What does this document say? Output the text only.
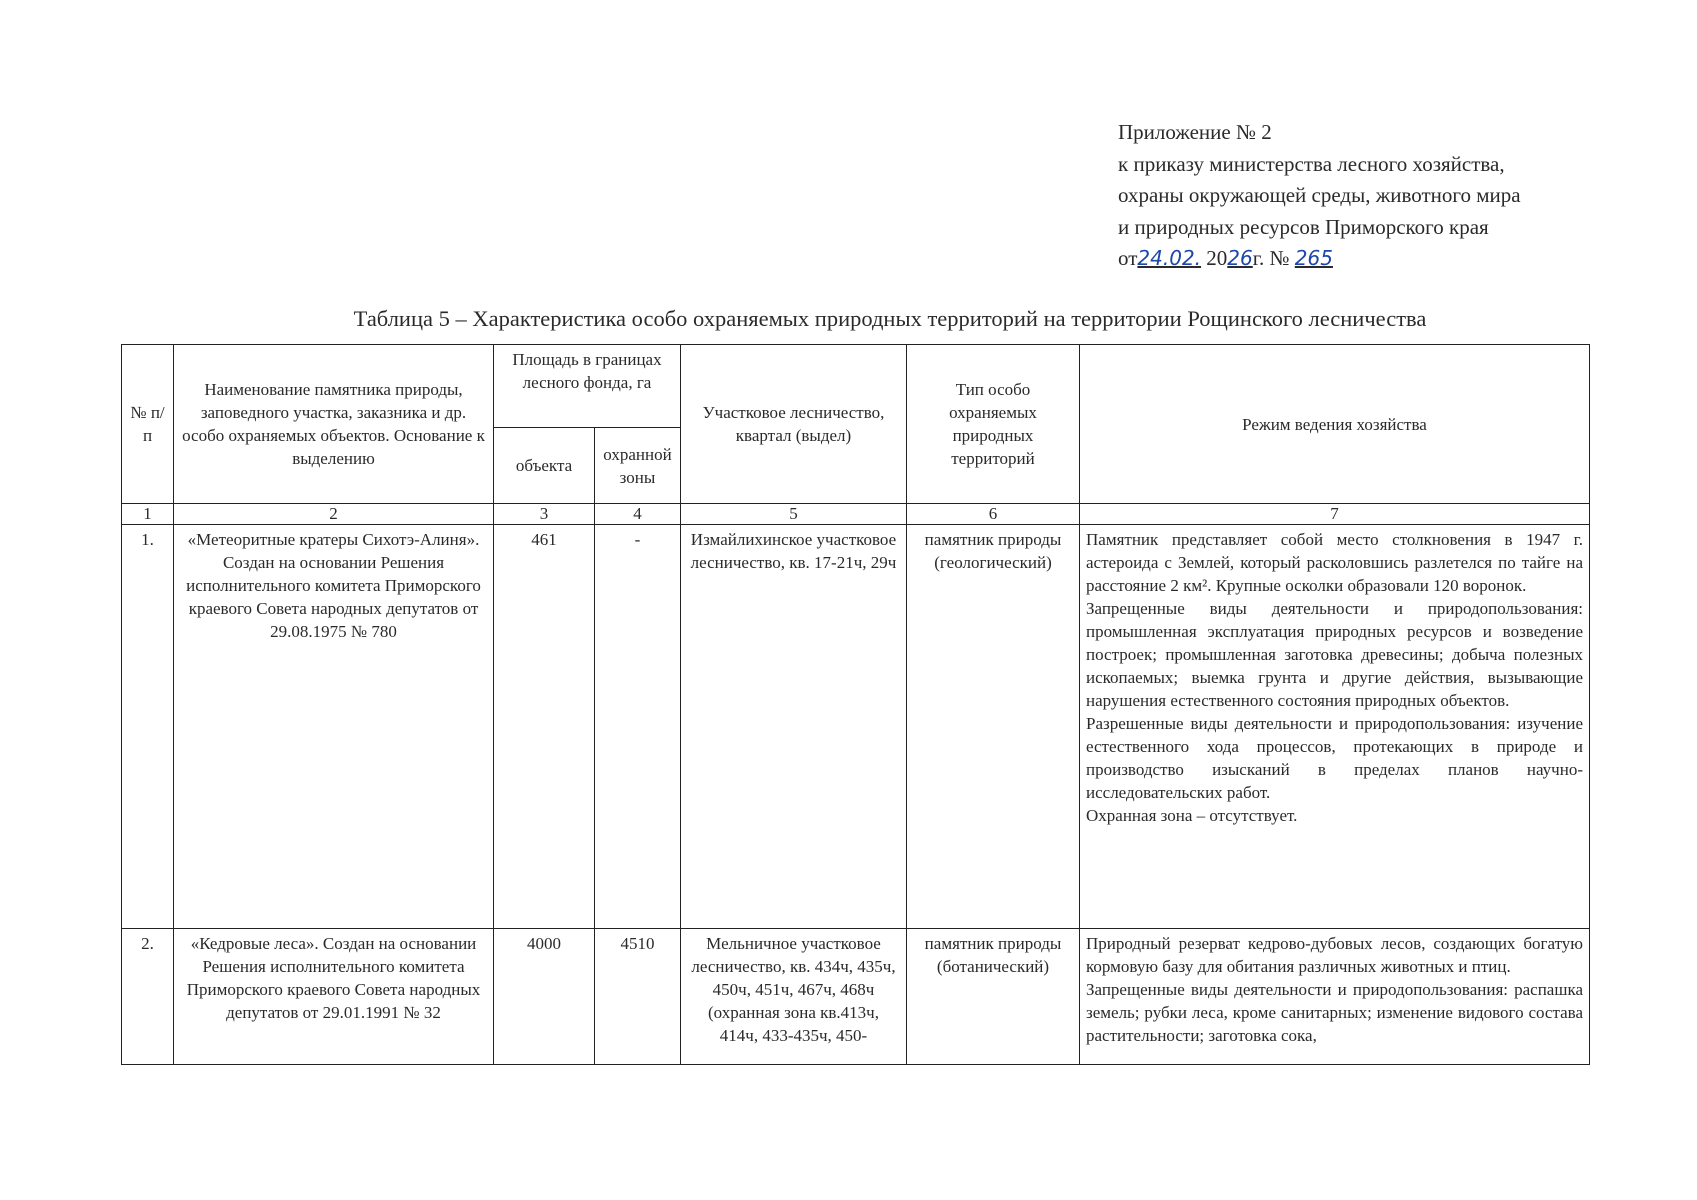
Приложение № 2
к приказу министерства лесного хозяйства,
охраны окружающей среды, животного мира
и природных ресурсов Приморского края
от24.02. 2026г. № 265
Таблица 5 – Характеристика особо охраняемых природных территорий на территории Рощинского лесничества
№ п/п	Наименование памятника природы, заповедного участка, заказника и др. особо охраняемых объектов. Основание к выделению	Площадь в границах лесного фонда, га		Участковое лесничество, квартал (выдел)	Тип особо охраняемых природных территорий	Режим ведения хозяйства
		объекта	охранной зоны			
1	2	3	4	5	6	7
1.	«Метеоритные кратеры Сихотэ-Алиня». Создан на основании Решения исполнительного комитета Приморского краевого Совета народных депутатов от 29.08.1975 № 780	461	-	Измайлихинское участковое лесничество, кв. 17-21ч, 29ч	памятник природы (геологический)	Памятник представляет собой место столкновения в 1947 г. астероида с Землей, который расколовшись разлетелся по тайге на расстояние 2 км². Крупные осколки образовали 120 воронок.
Запрещенные виды деятельности и природопользования: промышленная эксплуатация природных ресурсов и возведение построек; промышленная заготовка древесины; добыча полезных ископаемых; выемка грунта и другие действия, вызывающие нарушения естественного состояния природных объектов.
Разрешенные виды деятельности и природопользования: изучение естественного хода процессов, протекающих в природе и производство изысканий в пределах планов научно-исследовательских работ.
Охранная зона – отсутствует.

2.	«Кедровые леса». Создан на основании Решения исполнительного комитета Приморского краевого Совета народных депутатов от 29.01.1991 № 32	4000	4510	Мельничное участковое лесничество, кв. 434ч, 435ч, 450ч, 451ч, 467ч, 468ч (охранная зона кв.413ч, 414ч, 433-435ч, 450-	памятник природы (ботанический)	Природный резерват кедрово-дубовых лесов, создающих богатую кормовую базу для обитания различных животных и птиц.
Запрещенные виды деятельности и природопользования: распашка земель; рубки леса, кроме санитарных; изменение видового состава растительности; заготовка сока,
